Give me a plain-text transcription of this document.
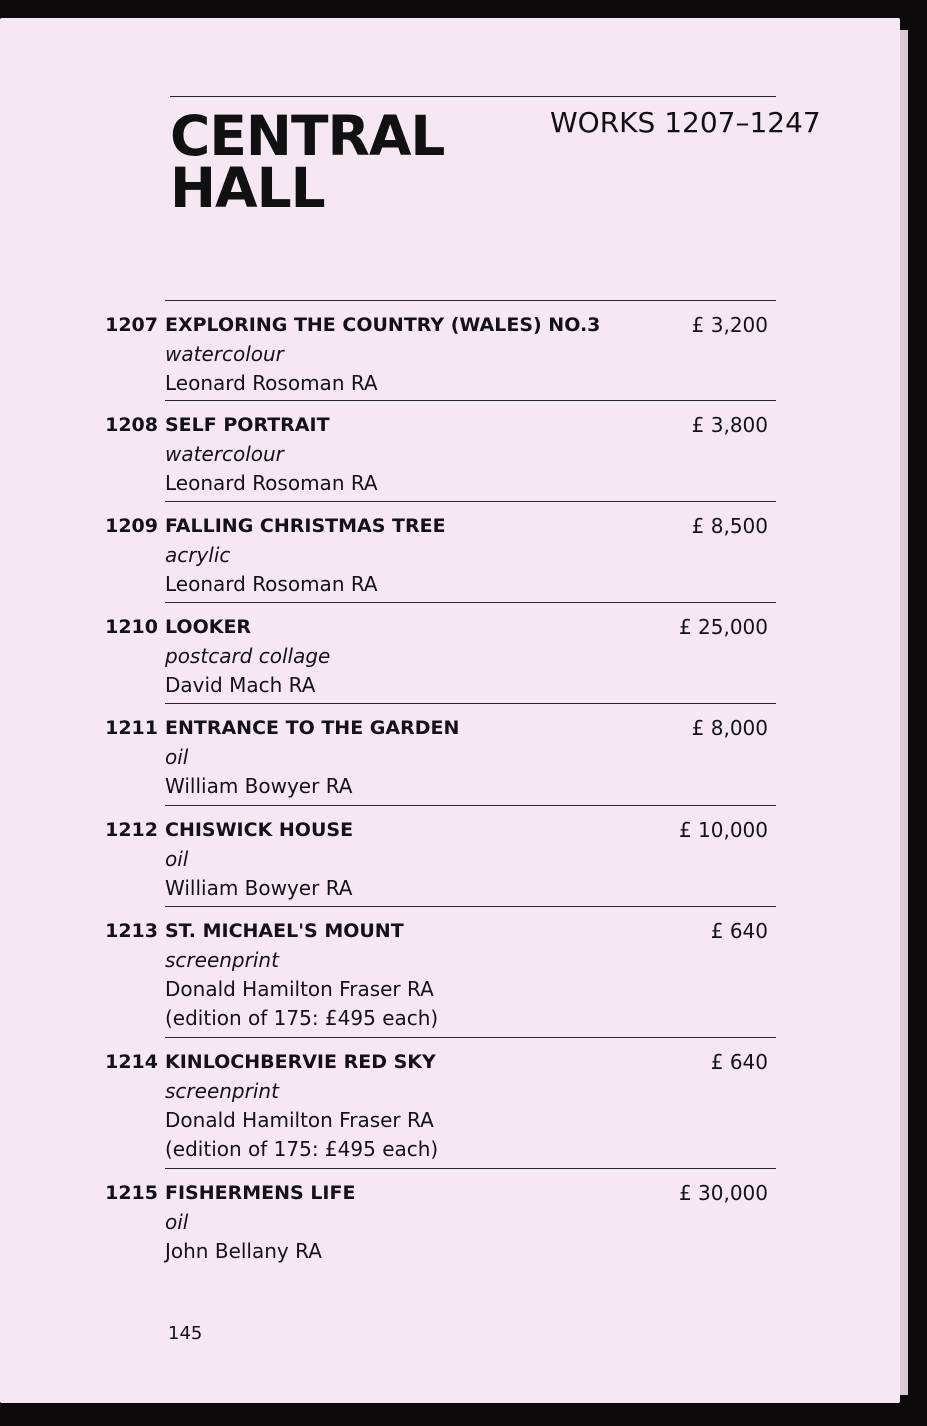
CENTRAL
HALL
WORKS 1207–1247
1207 EXPLORING THE COUNTRY (WALES) NO.3
watercolour
Leonard Rosoman RA
£ 3,200
1208 SELF PORTRAIT
watercolour
Leonard Rosoman RA
£ 3,800
1209 FALLING CHRISTMAS TREE
acrylic
Leonard Rosoman RA
£ 8,500
1210 LOOKER
postcard collage
David Mach RA
£ 25,000
1211 ENTRANCE TO THE GARDEN
oil
William Bowyer RA
£ 8,000
1212 CHISWICK HOUSE
oil
William Bowyer RA
£ 10,000
1213 ST. MICHAEL'S MOUNT
screenprint
Donald Hamilton Fraser RA
(edition of 175: £495 each)
£ 640
1214 KINLOCHBERVIE RED SKY
screenprint
Donald Hamilton Fraser RA
(edition of 175: £495 each)
£ 640
1215 FISHERMENS LIFE
oil
John Bellany RA
£ 30,000
145
